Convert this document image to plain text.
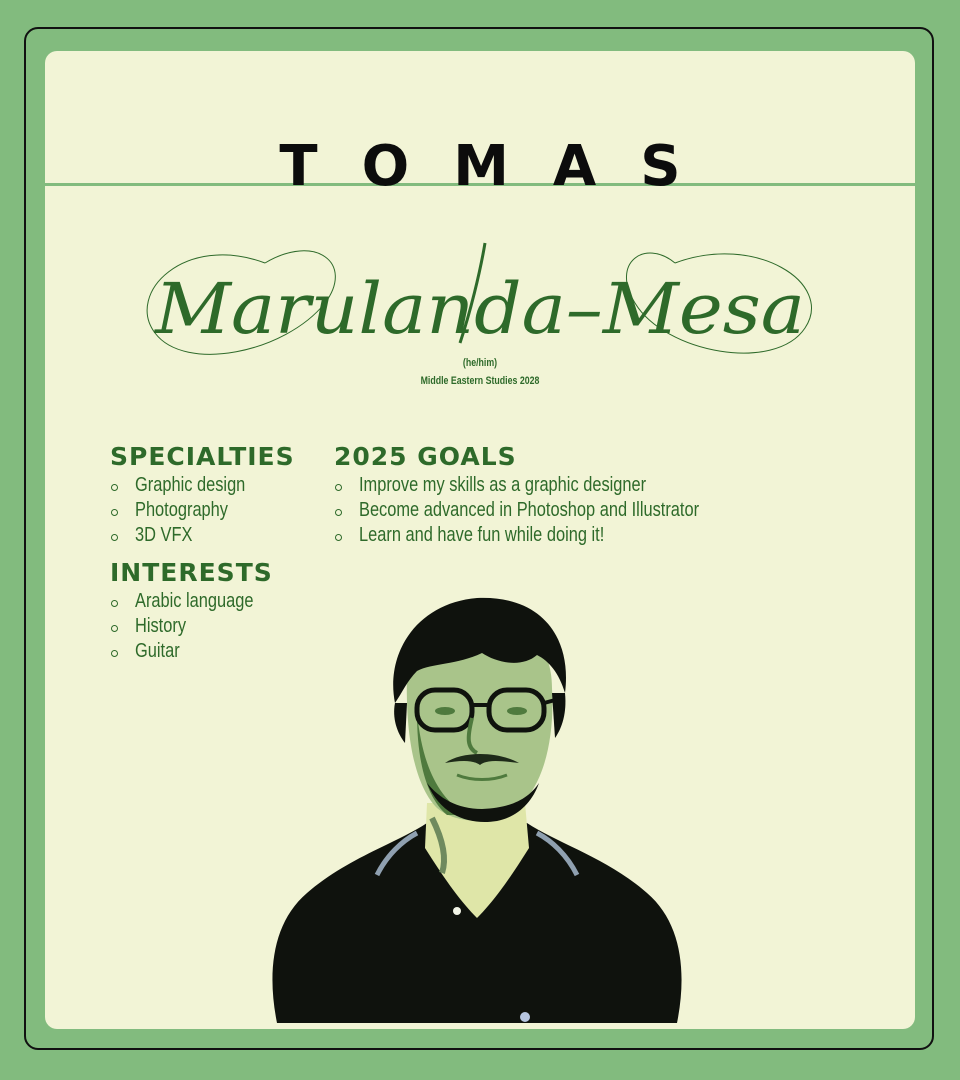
TOMAS
Marulanda–Mesa
(he/him)
Middle Eastern Studies 2028
SPECIALTIES
Graphic design
Photography
3D VFX
2025 GOALS
Improve my skills as a graphic designer
Become advanced in Photoshop and Illustrator
Learn and have fun while doing it!
INTERESTS
Arabic language
History
Guitar
